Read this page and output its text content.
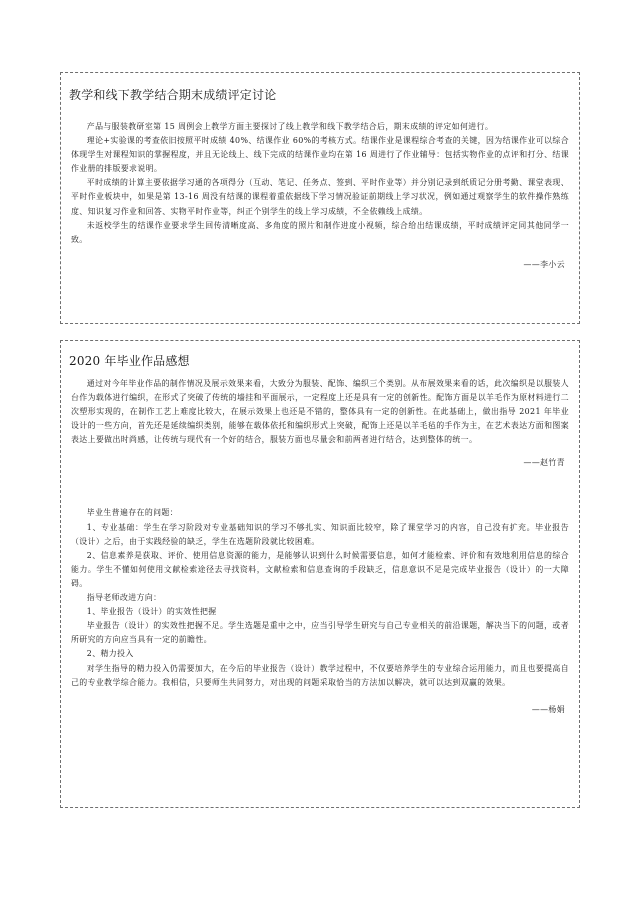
教学和线下教学结合期末成绩评定讨论

产品与服装教研室第 15 周例会上教学方面主要探讨了线上教学和线下教学结合后，期末成绩的评定如何进行。

理论+实验课的考查依旧按照平时成绩 40%、结课作业 60%的考核方式。结课作业是课程综合考查的关键，因为结课作业可以综合体现学生对课程知识的掌握程度，并且无论线上、线下完成的结课作业均在第 16 周进行了作业辅导：包括实物作业的点评和打分、结课作业册的排版要求说明。

平时成绩的计算主要依据学习通的各项得分（互动、笔记、任务点、签到、平时作业等）并分别记录到纸质记分册考勤、课堂表现、平时作业板块中，如果是第 13-16 周没有结课的课程着重依据线下学习情况验证前期线上学习状况，例如通过观察学生的软件操作熟练度、知识复习作业和回答、实物平时作业等，纠正个别学生的线上学习成绩，不全依赖线上成绩。

未返校学生的结课作业要求学生回传清晰度高、多角度的照片和制作进度小视频，综合给出结课成绩，平时成绩评定同其他同学一致。

——李小云
2020 年毕业作品感想

通过对今年毕业作品的制作情况及展示效果来看，大致分为服装、配饰、编织三个类别。从布展效果来看的话，此次编织是以服装人台作为载体进行编织，在形式了突破了传统的墙挂和平面展示，一定程度上还是具有一定的创新性。配饰方面是以羊毛作为原材料进行二次塑形实现的，在制作工艺上难度比较大，在展示效果上也还是不错的，整体具有一定的创新性。在此基础上，做出指导 2021 年毕业设计的一些方向，首先还是延续编织类别，能够在载体依托和编织形式上突破，配饰上还是以羊毛毡的手作为主，在艺术表达方面和图案表达上要做出时尚感，让传统与现代有一个好的结合，服装方面也尽量会和前两者进行结合，达到整体的统一。

——赵竹青

毕业生普遍存在的问题：

1、专业基础：学生在学习阶段对专业基础知识的学习不够扎实、知识面比较窄，除了课堂学习的内容，自己没有扩充。毕业报告（设计）之后，由于实践经验的缺乏，学生在选题阶段就比较困难。

2、信息素养是获取、评价、使用信息资源的能力，是能够认识到什么时候需要信息，如何才能检索、评价和有效地利用信息的综合能力。学生不懂如何使用文献检索途径去寻找资料，文献检索和信息查询的手段缺乏，信息意识不足是完成毕业报告（设计）的一大障碍。

指导老师改进方向：

1、毕业报告（设计）的实效性把握

毕业报告（设计）的实效性把握不足。学生选题是重中之中，应当引导学生研究与自己专业相关的前沿课题，解决当下的问题，或者所研究的方向应当具有一定的前瞻性。

2、精力投入

对学生指导的精力投入仍需要加大，在今后的毕业报告（设计）教学过程中，不仅要培养学生的专业综合运用能力，而且也要提高自己的专业教学综合能力。我相信，只要师生共同努力，对出现的问题采取恰当的方法加以解决，就可以达到双赢的效果。

——杨娟
